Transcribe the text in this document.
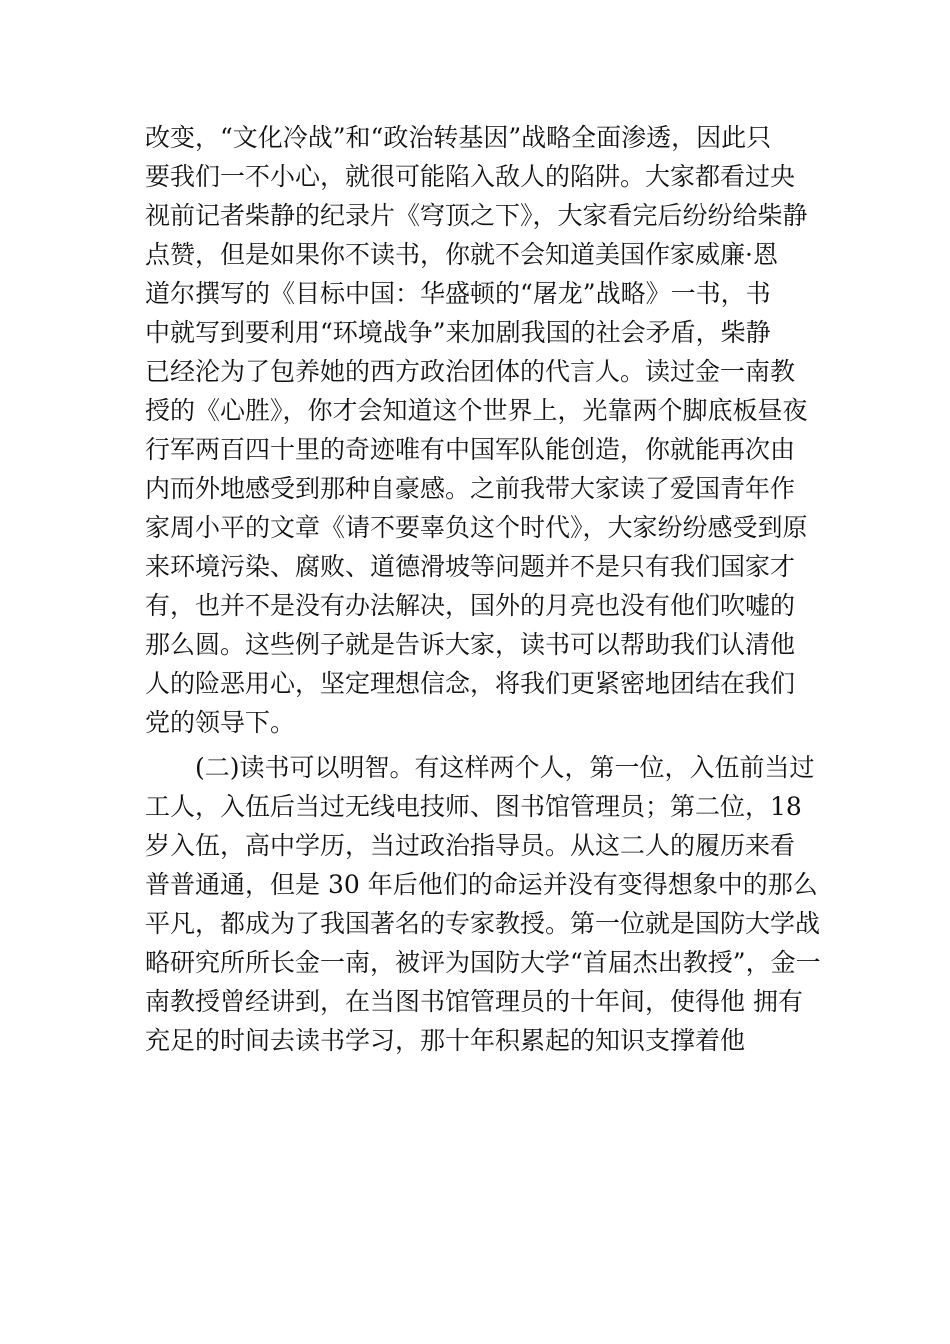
改变，“文化冷战”和“政治转基因”战略全面渗透，因此只
要我们一不小心，就很可能陷入敌人的陷阱。大家都看过央
视前记者柴静的纪录片《穹顶之下》，大家看完后纷纷给柴静
点赞，但是如果你不读书，你就不会知道美国作家威廉·恩
道尔撰写的《目标中国：华盛顿的“屠龙”战略》一书，书
中就写到要利用“环境战争”来加剧我国的社会矛盾，柴静
已经沦为了包养她的西方政治团体的代言人。读过金一南教
授的《心胜》，你才会知道这个世界上，光靠两个脚底板昼夜
行军两百四十里的奇迹唯有中国军队能创造，你就能再次由
内而外地感受到那种自豪感。之前我带大家读了爱国青年作
家周小平的文章《请不要辜负这个时代》，大家纷纷感受到原
来环境污染、腐败、道德滑坡等问题并不是只有我们国家才
有，也并不是没有办法解决，国外的月亮也没有他们吹嘘的
那么圆。这些例子就是告诉大家，读书可以帮助我们认清他
人的险恶用心，坚定理想信念，将我们更紧密地团结在我们
党的领导下。
(二)读书可以明智。有这样两个人，第一位，入伍前当过
工人，入伍后当过无线电技师、图书馆管理员；第二位，18
岁入伍，高中学历，当过政治指导员。从这二人的履历来看
普普通通，但是 30 年后他们的命运并没有变得想象中的那么
平凡，都成为了我国著名的专家教授。第一位就是国防大学战
略研究所所长金一南，被评为国防大学“首届杰出教授”，金一
南教授曾经讲到，在当图书馆管理员的十年间，使得他 拥有
充足的时间去读书学习，那十年积累起的知识支撑着他
